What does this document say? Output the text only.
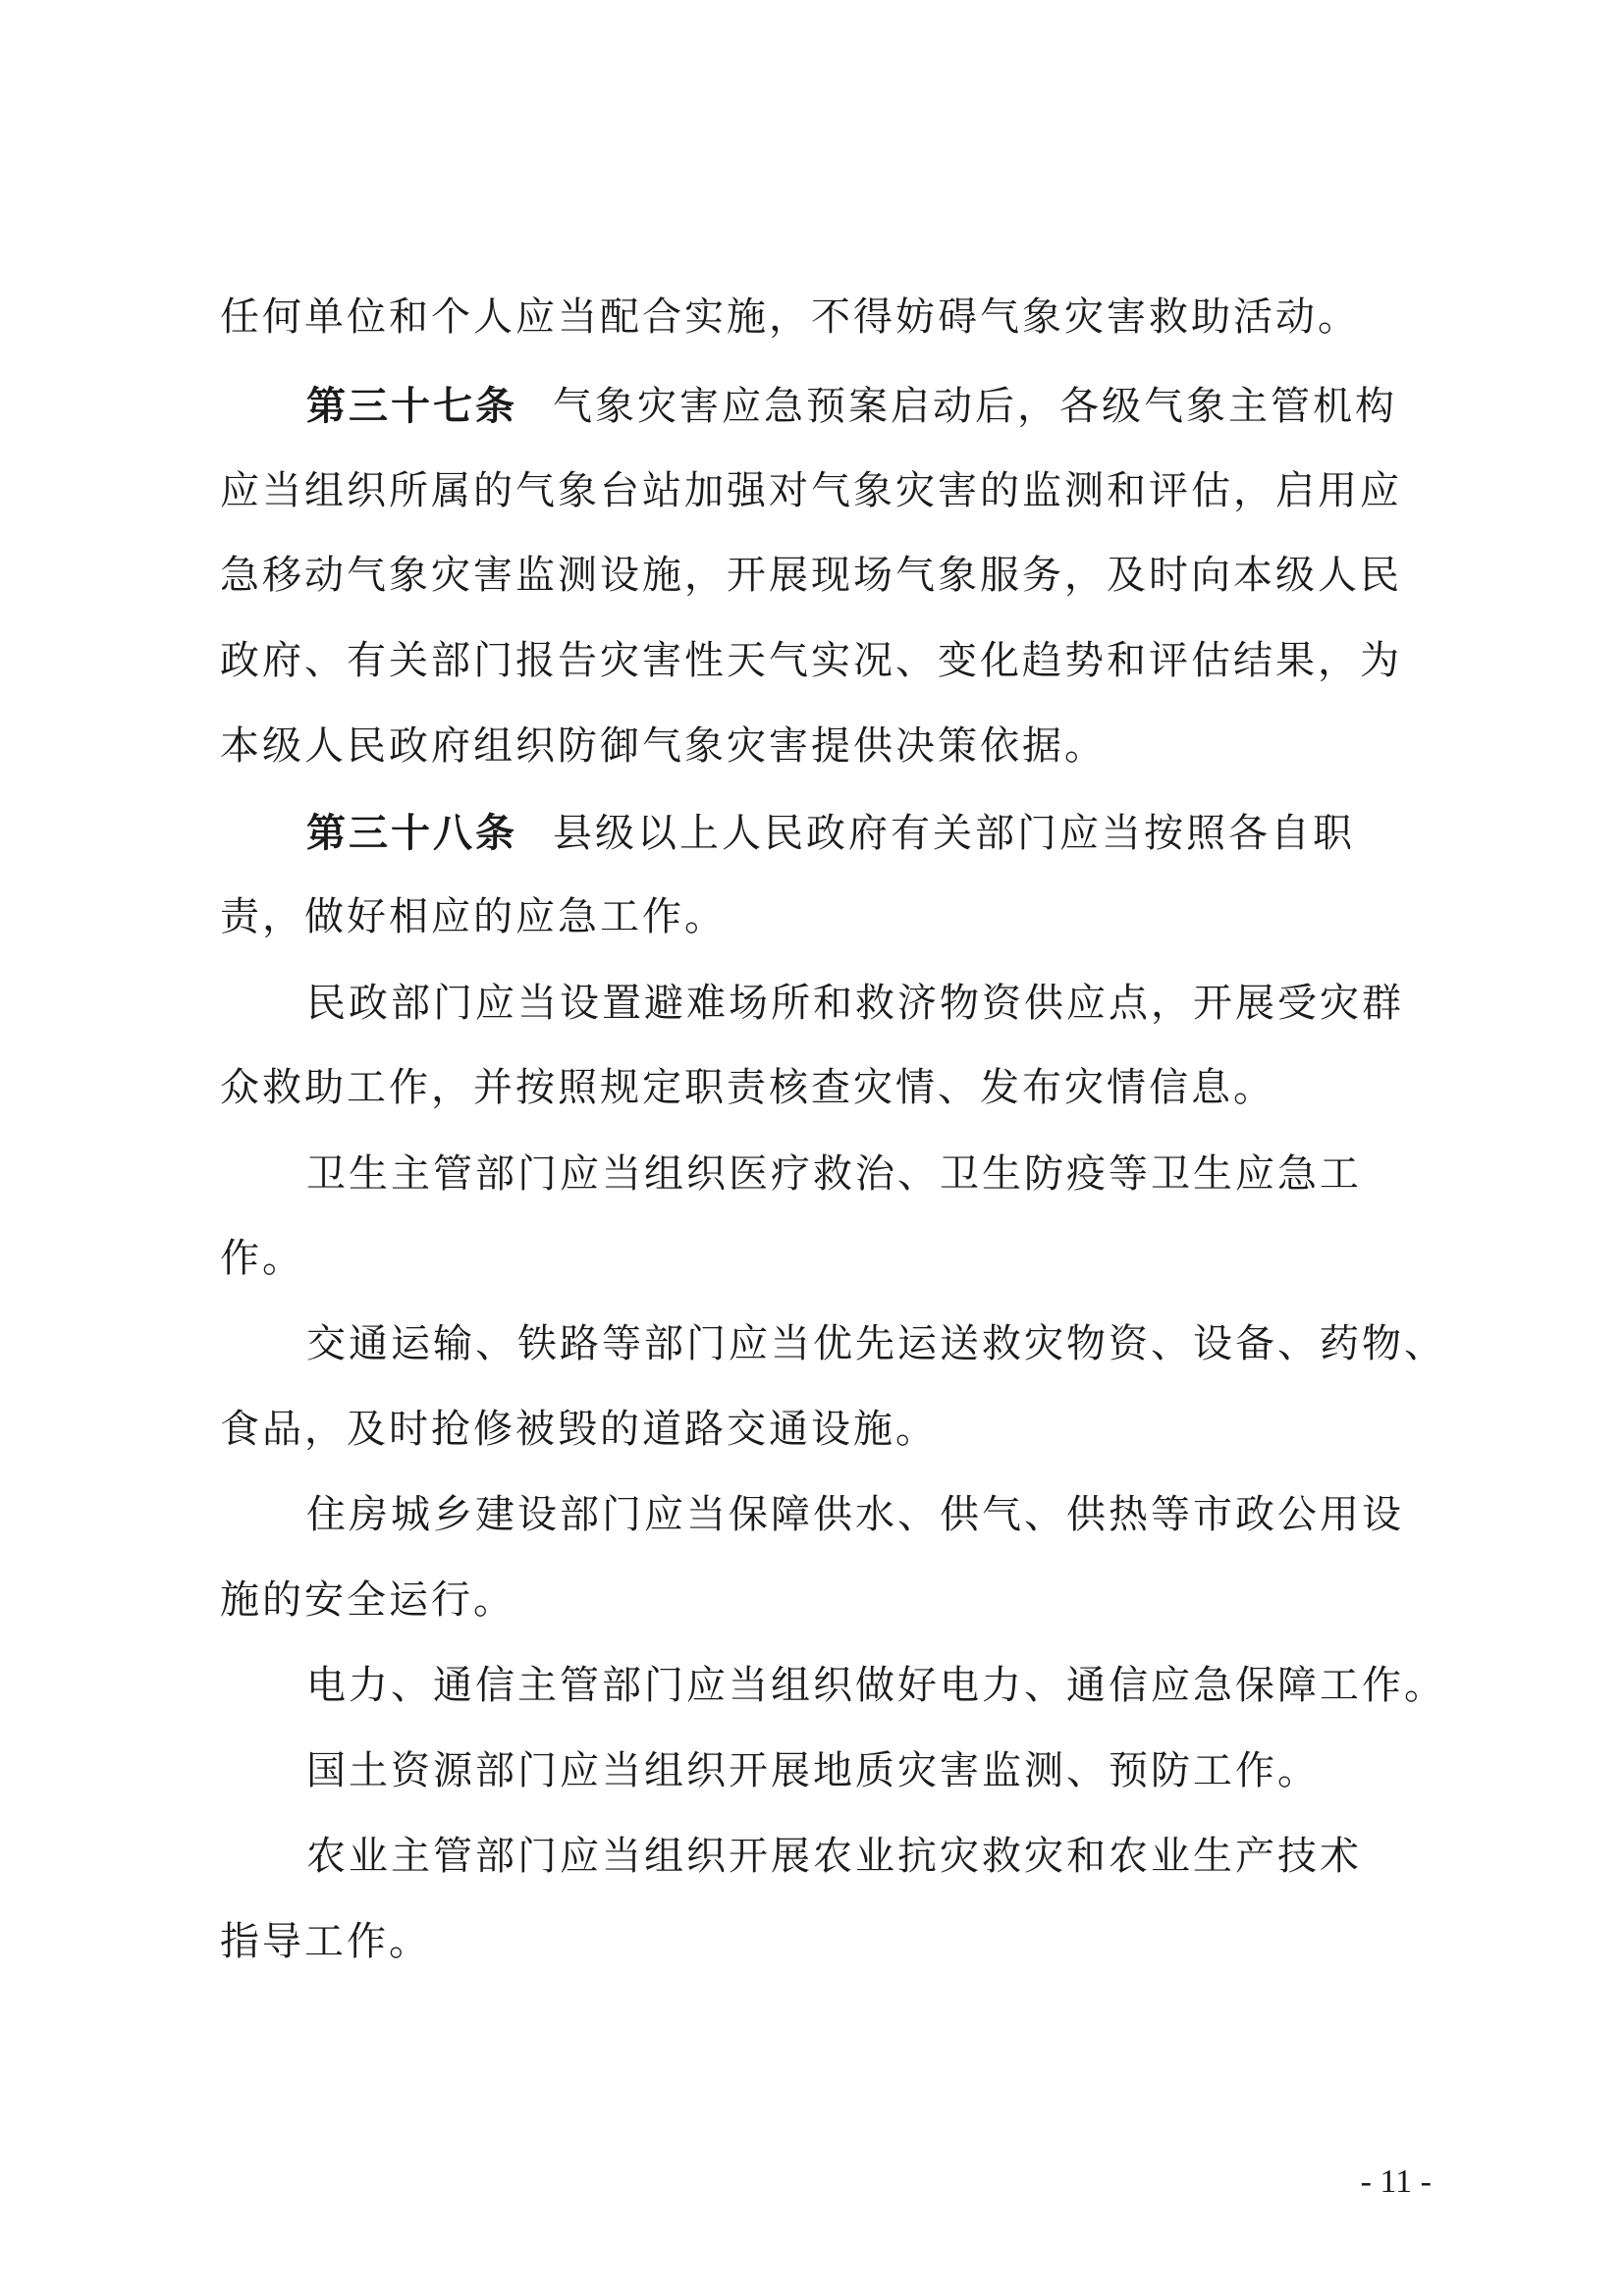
任何单位和个人应当配合实施，不得妨碍气象灾害救助活动。

第三十七条 气象灾害应急预案启动后，各级气象主管机构

应当组织所属的气象台站加强对气象灾害的监测和评估，启用应

急移动气象灾害监测设施，开展现场气象服务，及时向本级人民

政府、有关部门报告灾害性天气实况、变化趋势和评估结果，为

本级人民政府组织防御气象灾害提供决策依据。

第三十八条 县级以上人民政府有关部门应当按照各自职

责，做好相应的应急工作。

民政部门应当设置避难场所和救济物资供应点，开展受灾群

众救助工作，并按照规定职责核查灾情、发布灾情信息。

卫生主管部门应当组织医疗救治、卫生防疫等卫生应急工

作。

交通运输、铁路等部门应当优先运送救灾物资、设备、药物、

食品，及时抢修被毁的道路交通设施。

住房城乡建设部门应当保障供水、供气、供热等市政公用设

施的安全运行。

电力、通信主管部门应当组织做好电力、通信应急保障工作。

国土资源部门应当组织开展地质灾害监测、预防工作。

农业主管部门应当组织开展农业抗灾救灾和农业生产技术

指导工作。

- 11 -
